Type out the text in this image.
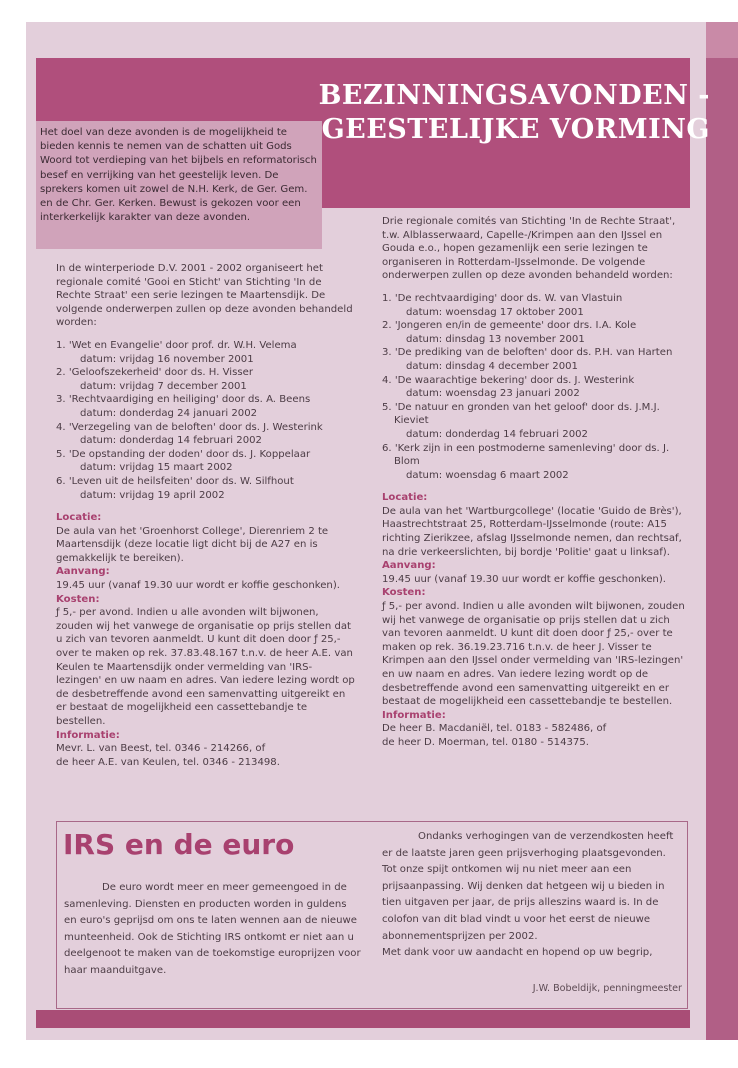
BEZINNINGSAVONDEN -
GEESTELIJKE VORMING
Het doel van deze avonden is de mogelijkheid te bieden kennis te nemen van de schatten uit Gods Woord tot verdieping van het bijbels en reformatorisch besef en verrijking van het geestelijk leven. De sprekers komen uit zowel de N.H. Kerk, de Ger. Gem. en de Chr. Ger. Kerken. Bewust is gekozen voor een interkerkelijk karakter van deze avonden.

In de winterperiode D.V. 2001 - 2002 organiseert het regionale comité 'Gooi en Sticht' van Stichting 'In de Rechte Straat' een serie lezingen te Maartensdijk. De volgende onderwerpen zullen op deze avonden behandeld worden:

1. 'Wet en Evangelie' door prof. dr. W.H. Velema
datum: vrijdag 16 november 2001
2. 'Geloofszekerheid' door ds. H. Visser
datum: vrijdag 7 december 2001
3. 'Rechtvaardiging en heiliging' door ds. A. Beens
datum: donderdag 24 januari 2002
4. 'Verzegeling van de beloften' door ds. J. Westerink
datum: donderdag 14 februari 2002
5. 'De opstanding der doden' door ds. J. Koppelaar
datum: vrijdag 15 maart 2002
6. 'Leven uit de heilsfeiten' door ds. W. Silfhout
datum: vrijdag 19 april 2002

Locatie:

De aula van het 'Groenhorst College', Dierenriem 2 te Maartensdijk (deze locatie ligt dicht bij de A27 en is gemakkelijk te bereiken).

Aanvang:

19.45 uur (vanaf 19.30 uur wordt er koffie geschonken).

Kosten:

ƒ 5,- per avond. Indien u alle avonden wilt bijwonen, zouden wij het vanwege de organisatie op prijs stellen dat u zich van tevoren aanmeldt. U kunt dit doen door ƒ 25,- over te maken op rek. 37.83.48.167 t.n.v. de heer A.E. van Keulen te Maartensdijk onder vermelding van 'IRS-lezingen' en uw naam en adres. Van iedere lezing wordt op de desbetreffende avond een samenvatting uitgereikt en er bestaat de mogelijkheid een cassettebandje te bestellen.

Informatie:

Mevr. L. van Beest, tel. 0346 - 214266, of

de heer A.E. van Keulen, tel. 0346 - 213498.

Drie regionale comités van Stichting 'In de Rechte Straat', t.w. Alblasserwaard, Capelle-/Krimpen aan den IJssel en Gouda e.o., hopen gezamenlijk een serie lezingen te organiseren in Rotterdam-IJsselmonde. De volgende onderwerpen zullen op deze avonden behandeld worden:

1. 'De rechtvaardiging' door ds. W. van Vlastuin
datum: woensdag 17 oktober 2001
2. 'Jongeren en/in de gemeente' door drs. I.A. Kole
datum: dinsdag 13 november 2001
3. 'De prediking van de beloften' door ds. P.H. van Harten
datum: dinsdag 4 december 2001
4. 'De waarachtige bekering' door ds. J. Westerink
datum: woensdag 23 januari 2002
5. 'De natuur en gronden van het geloof' door ds. J.M.J. Kieviet
datum: donderdag 14 februari 2002
6. 'Kerk zijn in een postmoderne samenleving' door ds. J. Blom
datum: woensdag 6 maart 2002

Locatie:

De aula van het 'Wartburgcollege' (locatie 'Guido de Brès'), Haastrechtstraat 25, Rotterdam-IJsselmonde (route: A15 richting Zierikzee, afslag IJsselmonde nemen, dan rechtsaf, na drie verkeerslichten, bij bordje 'Politie' gaat u linksaf).

Aanvang:

19.45 uur (vanaf 19.30 uur wordt er koffie geschonken).

Kosten:

ƒ 5,- per avond. Indien u alle avonden wilt bijwonen, zouden wij het vanwege de organisatie op prijs stellen dat u zich van tevoren aanmeldt. U kunt dit doen door ƒ 25,- over te maken op rek. 36.19.23.716 t.n.v. de heer J. Visser te Krimpen aan den IJssel onder vermelding van 'IRS-lezingen' en uw naam en adres. Van iedere lezing wordt op de desbetreffende avond een samenvatting uitgereikt en er bestaat de mogelijkheid een cassettebandje te bestellen.

Informatie:

De heer B. Macdaniël, tel. 0183 - 582486, of

de heer D. Moerman, tel. 0180 - 514375.

IRS en de euro
De euro wordt meer en meer gemeengoed in de samenleving. Diensten en producten worden in guldens en euro's geprijsd om ons te laten wennen aan de nieuwe munteenheid. Ook de Stichting IRS ontkomt er niet aan u deelgenoot te maken van de toekomstige europrijzen voor haar maanduitgave.

Ondanks verhogingen van de verzendkosten heeft er de laatste jaren geen prijsverhoging plaatsgevonden. Tot onze spijt ontkomen wij nu niet meer aan een prijsaanpassing. Wij denken dat hetgeen wij u bieden in tien uitgaven per jaar, de prijs alleszins waard is. In de colofon van dit blad vindt u voor het eerst de nieuwe abonnementsprijzen per 2002.

Met dank voor uw aandacht en hopend op uw begrip,

J.W. Bobeldijk, penningmeester
